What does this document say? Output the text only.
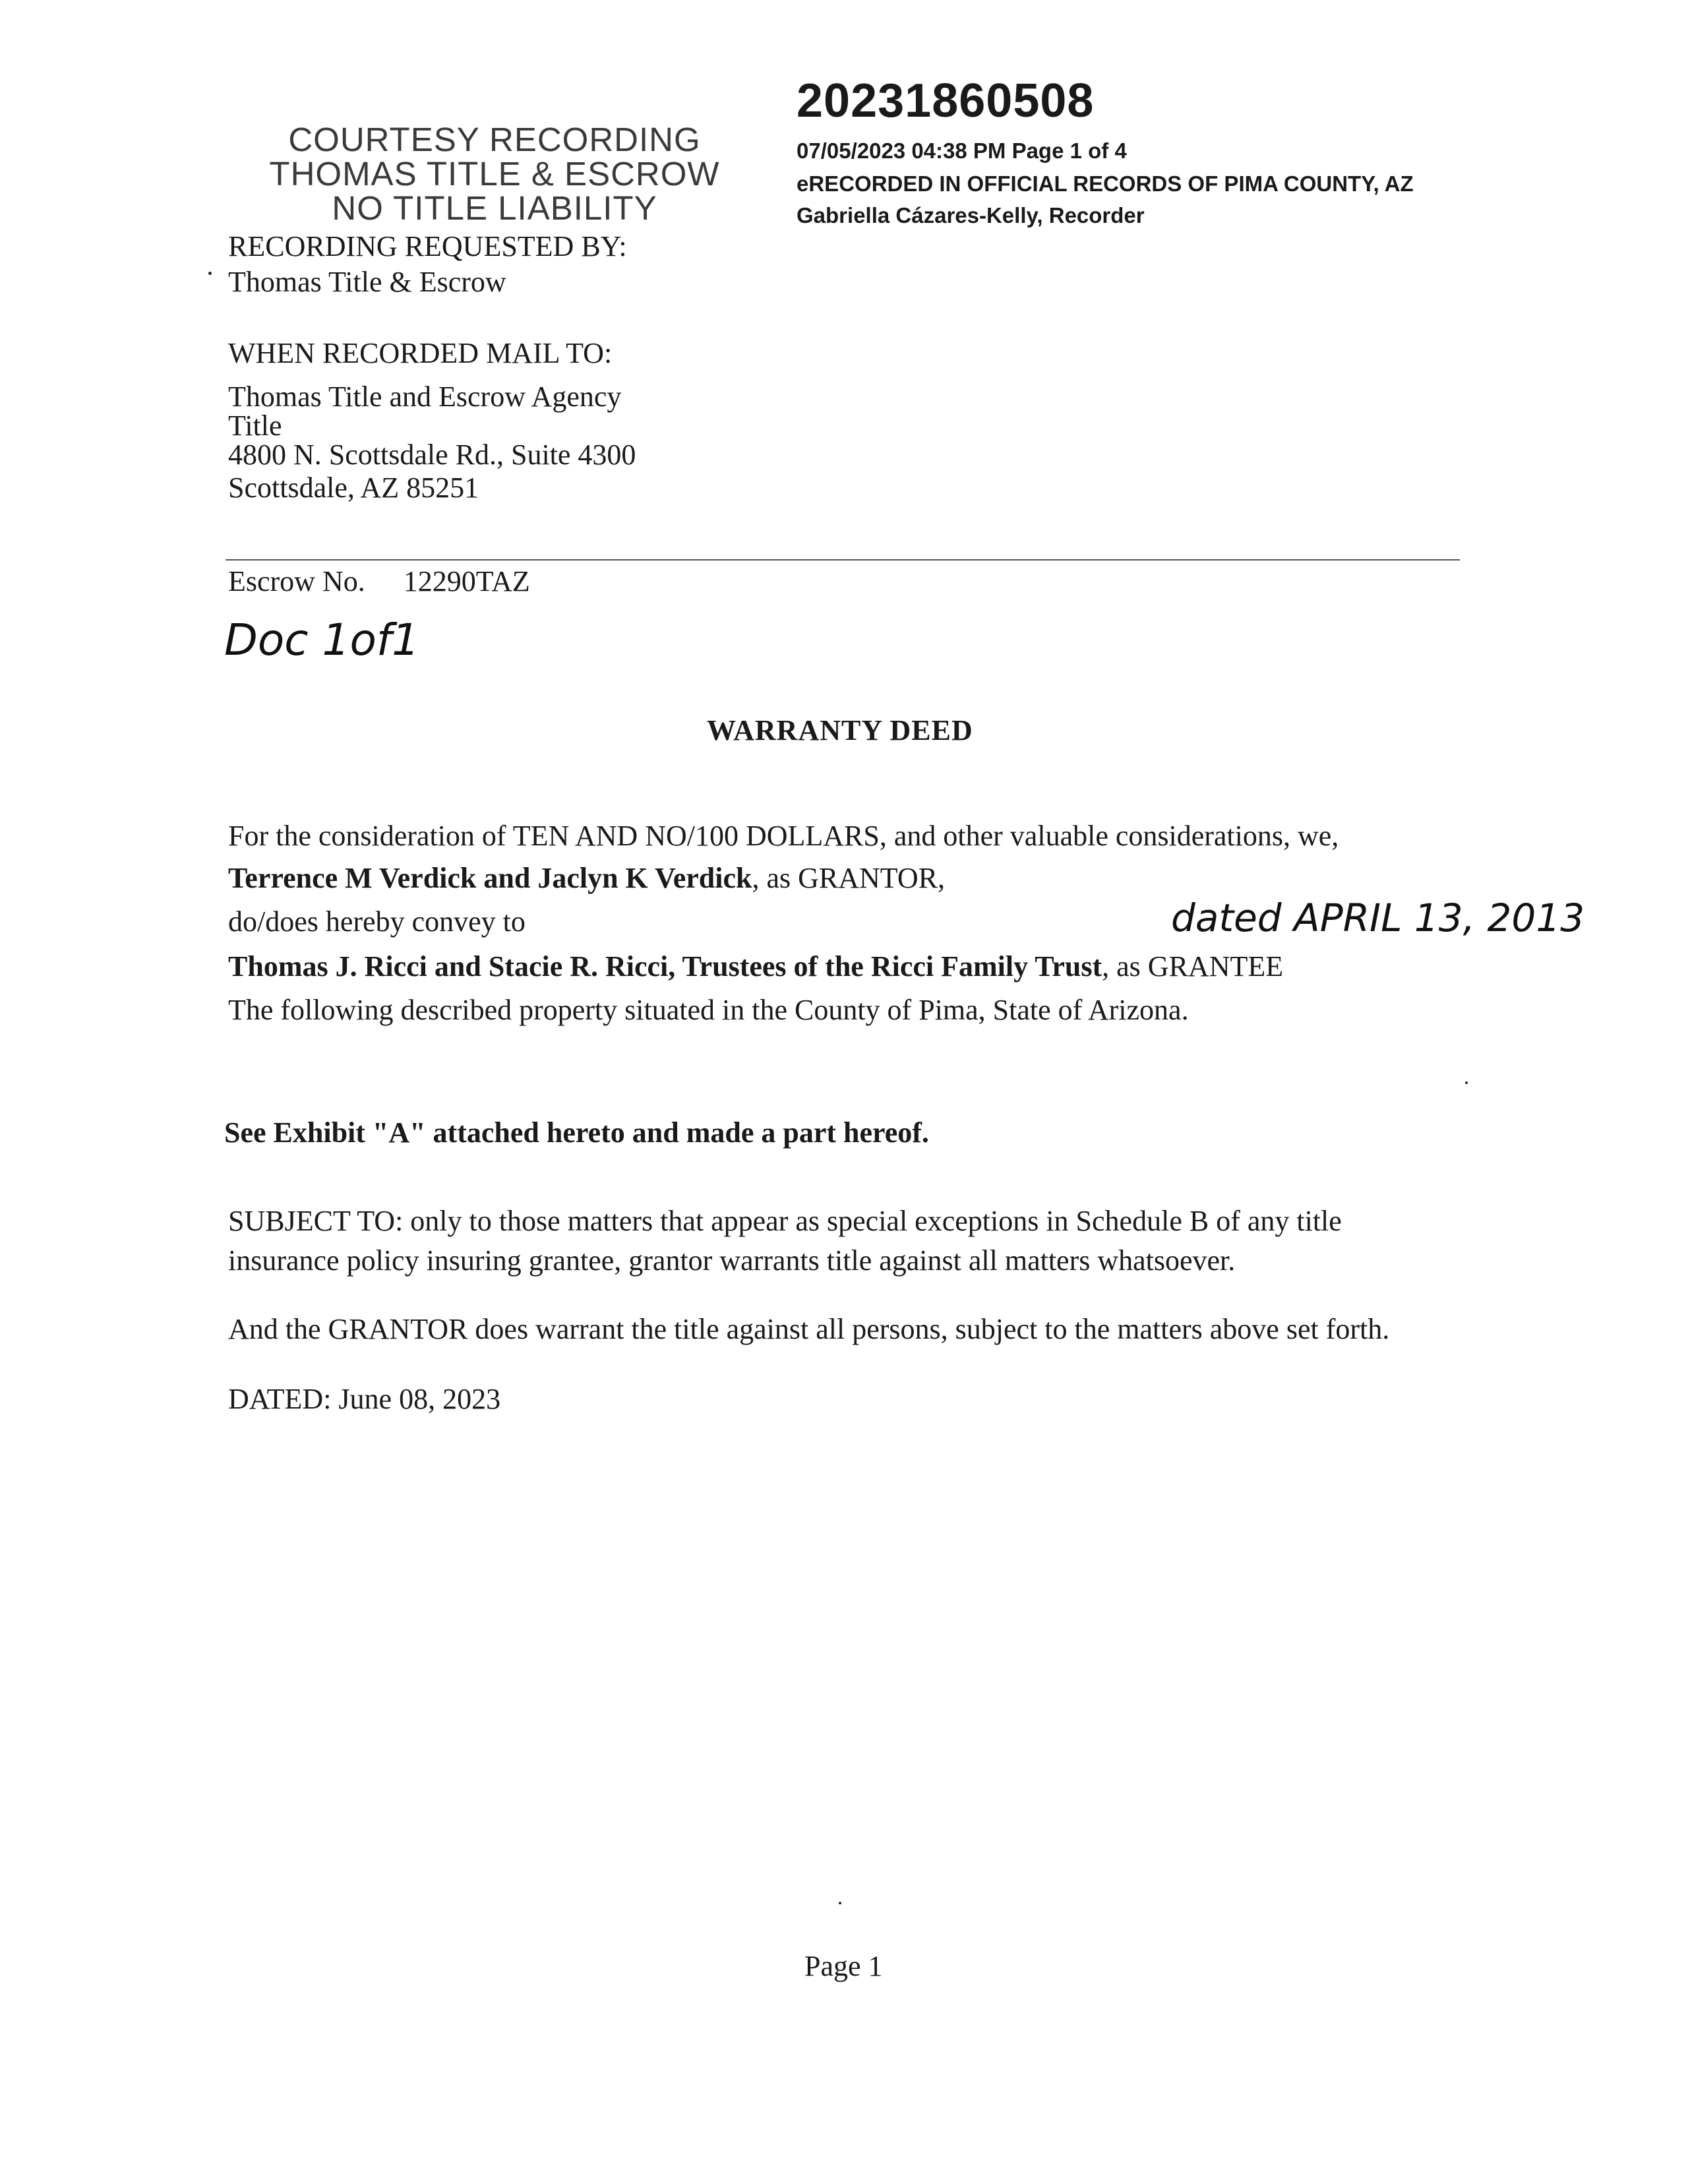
20231860508
07/05/2023 04:38 PM Page 1 of 4
eRECORDED IN OFFICIAL RECORDS OF PIMA COUNTY, AZ
Gabriella Cázares-Kelly, Recorder
COURTESY RECORDING
THOMAS TITLE & ESCROW
NO TITLE LIABILITY
RECORDING REQUESTED BY:
Thomas Title & Escrow
WHEN RECORDED MAIL TO:
Thomas Title and Escrow Agency
Title
4800 N. Scottsdale Rd., Suite 4300
Scottsdale, AZ 85251
Escrow No. 12290TAZ
Doc 1of1
WARRANTY DEED
For the consideration of TEN AND NO/100 DOLLARS, and other valuable considerations, we,
Terrence M Verdick and Jaclyn K Verdick, as GRANTOR,
do/does hereby convey to	dated APRIL 13, 2013
Thomas J. Ricci and Stacie R. Ricci, Trustees of the Ricci Family Trust, as GRANTEE
The following described property situated in the County of Pima, State of Arizona.
See Exhibit "A" attached hereto and made a part hereof.
SUBJECT TO: only to those matters that appear as special exceptions in Schedule B of any title
insurance policy insuring grantee, grantor warrants title against all matters whatsoever.
And the GRANTOR does warrant the title against all persons, subject to the matters above set forth.
DATED: June 08, 2023
Page 1
